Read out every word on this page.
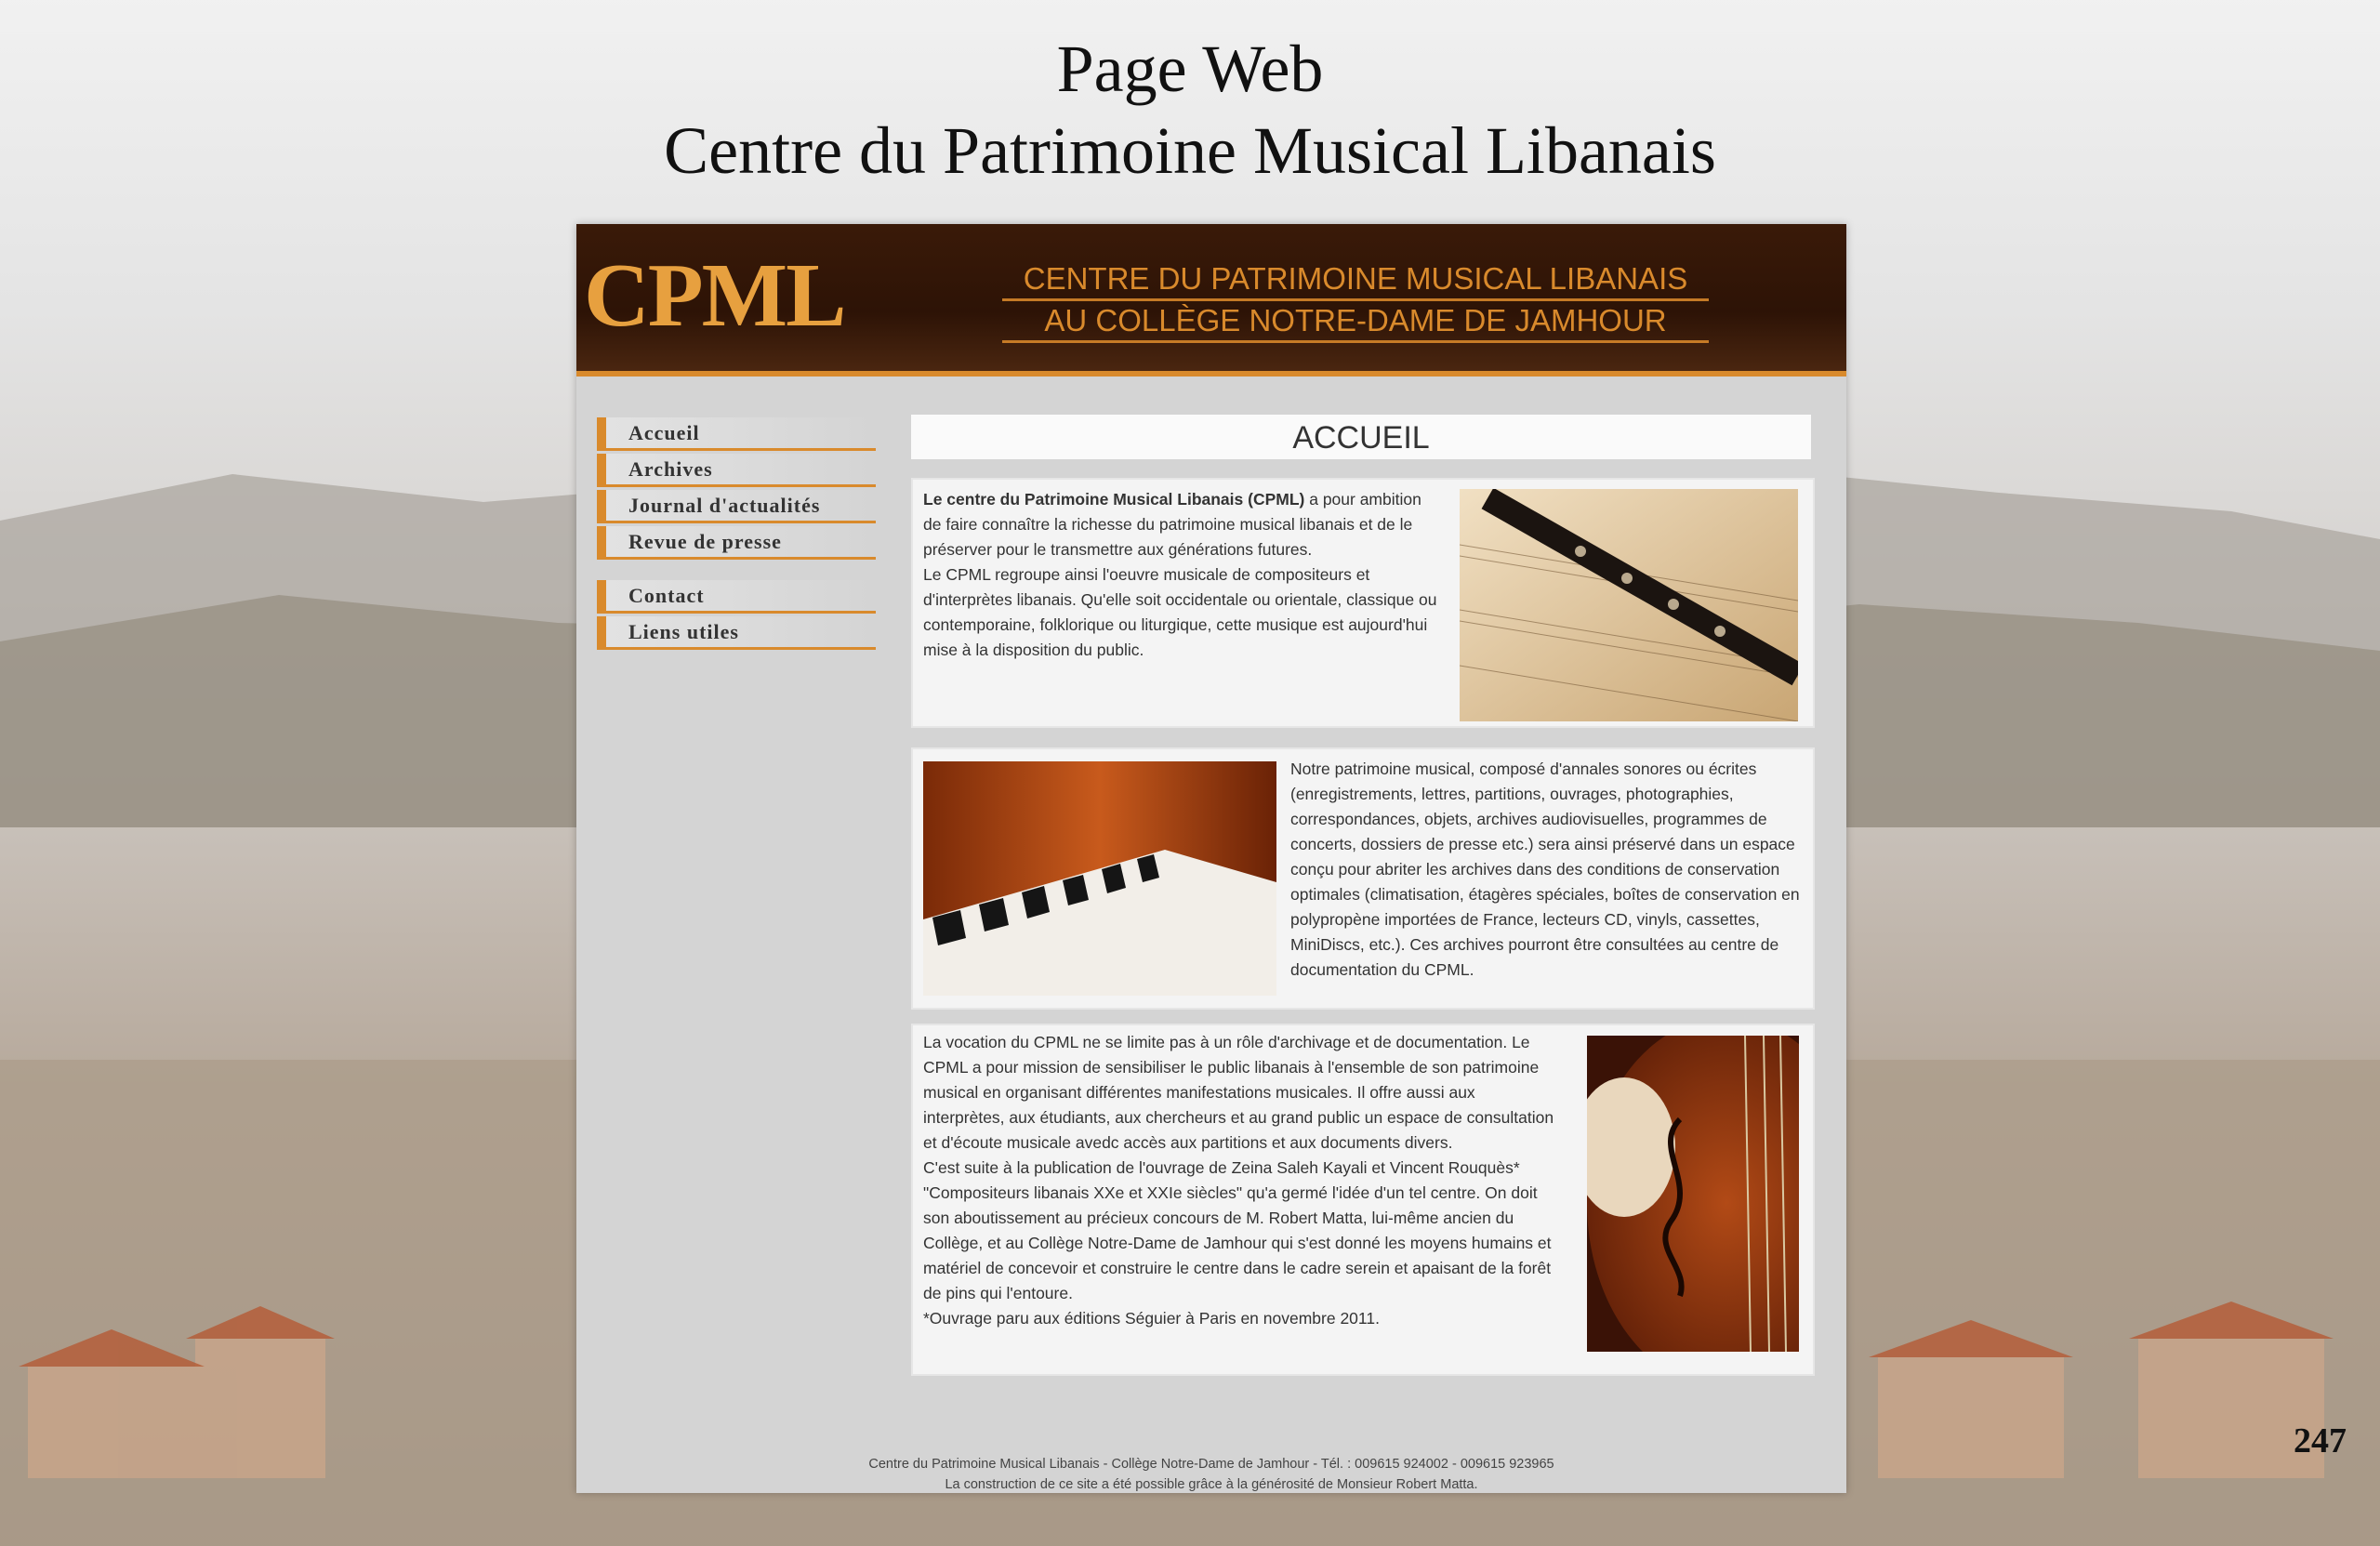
Page Web
Centre du Patrimoine Musical Libanais
CPML	CENTRE DU PATRIMOINE MUSICAL LIBANAIS
AU COLLÈGE NOTRE-DAME DE JAMHOUR
Accueil
Archives
Journal d'actualités
Revue de presse
Contact
Liens utiles
ACCUEIL
Le centre du Patrimoine Musical Libanais (CPML) a pour ambition de faire connaître la richesse du patrimoine musical libanais et de le préserver pour le transmettre aux générations futures.
Le CPML regroupe ainsi l'oeuvre musicale de compositeurs et d'interprètes libanais. Qu'elle soit occidentale ou orientale, classique ou contemporaine, folklorique ou liturgique, cette musique est aujourd'hui mise à la disposition du public.
Notre patrimoine musical, composé d'annales sonores ou écrites (enregistrements, lettres, partitions, ouvrages, photographies, correspondances, objets, archives audiovisuelles, programmes de concerts, dossiers de presse etc.) sera ainsi préservé dans un espace conçu pour abriter les archives dans des conditions de conservation optimales (climatisation, étagères spéciales, boîtes de conservation en polypropène importées de France, lecteurs CD, vinyls, cassettes, MiniDiscs, etc.). Ces archives pourront être consultées au centre de documentation du CPML.
La vocation du CPML ne se limite pas à un rôle d'archivage et de documentation. Le CPML a pour mission de sensibiliser le public libanais à l'ensemble de son patrimoine musical en organisant différentes manifestations musicales. Il offre aussi aux interprètes, aux étudiants, aux chercheurs et au grand public un espace de consultation et d'écoute musicale avedc accès aux partitions et aux documents divers.
C'est suite à la publication de l'ouvrage de Zeina Saleh Kayali et Vincent Rouquès* "Compositeurs libanais XXe et XXIe siècles" qu'a germé l'idée d'un tel centre. On doit son aboutissement au précieux concours de M. Robert Matta, lui-même ancien du Collège, et au Collège Notre-Dame de Jamhour qui s'est donné les moyens humains et matériel de concevoir et construire le centre dans le cadre serein et apaisant de la forêt de pins qui l'entoure.
*Ouvrage paru aux éditions Séguier à Paris en novembre 2011.
Centre du Patrimoine Musical Libanais - Collège Notre-Dame de Jamhour - Tél. : 009615 924002 - 009615 923965
La construction de ce site a été possible grâce à la générosité de Monsieur Robert Matta.
247
